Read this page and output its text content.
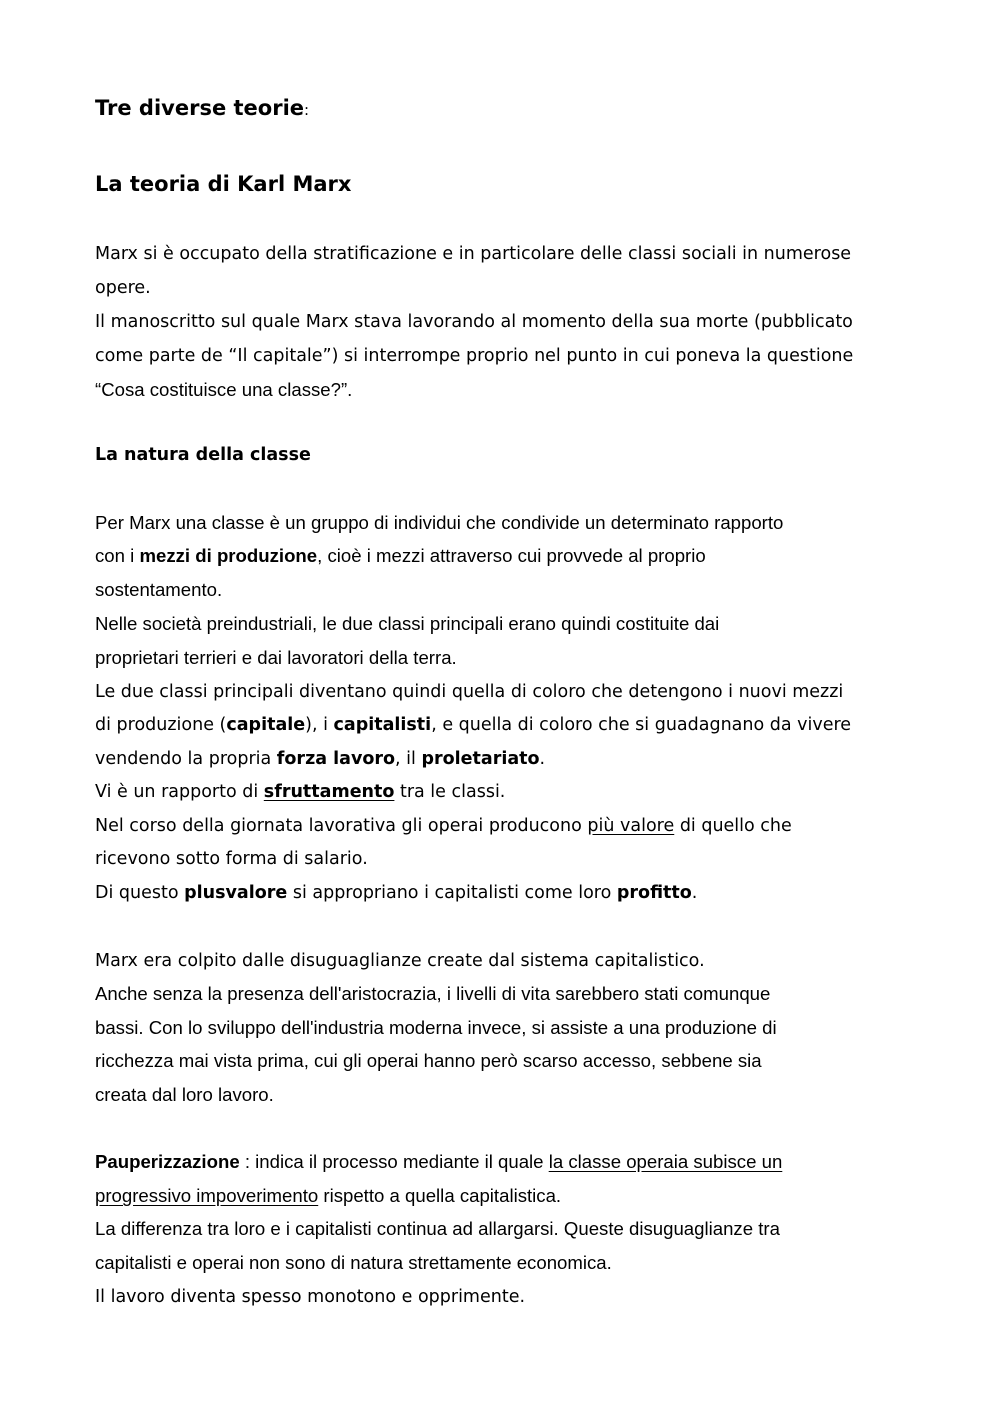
Tre diverse teorie:
La teoria di Karl Marx
Marx si è occupato della stratificazione e in particolare delle classi sociali in numerose
opere.
Il manoscritto sul quale Marx stava lavorando al momento della sua morte (pubblicato
come parte de “Il capitale”) si interrompe proprio nel punto in cui poneva la questione
“Cosa costituisce una classe?”.
La natura della classe
Per Marx una classe è un gruppo di individui che condivide un determinato rapporto
con i mezzi di produzione, cioè i mezzi attraverso cui provvede al proprio
sostentamento.
Nelle società preindustriali, le due classi principali erano quindi costituite dai
proprietari terrieri e dai lavoratori della terra.
Le due classi principali diventano quindi quella di coloro che detengono i nuovi mezzi
di produzione (capitale), i capitalisti, e quella di coloro che si guadagnano da vivere
vendendo la propria forza lavoro, il proletariato.
Vi è un rapporto di sfruttamento tra le classi.
Nel corso della giornata lavorativa gli operai producono più valore di quello che
ricevono sotto forma di salario.
Di questo plusvalore si appropriano i capitalisti come loro profitto.
Marx era colpito dalle disuguaglianze create dal sistema capitalistico.
Anche senza la presenza dell'aristocrazia, i livelli di vita sarebbero stati comunque
bassi. Con lo sviluppo dell'industria moderna invece, si assiste a una produzione di
ricchezza mai vista prima, cui gli operai hanno però scarso accesso, sebbene sia
creata dal loro lavoro.
Pauperizzazione : indica il processo mediante il quale la classe operaia subisce un
progressivo impoverimento rispetto a quella capitalistica.
La differenza tra loro e i capitalisti continua ad allargarsi. Queste disuguaglianze tra
capitalisti e operai non sono di natura strettamente economica.
Il lavoro diventa spesso monotono e opprimente.
